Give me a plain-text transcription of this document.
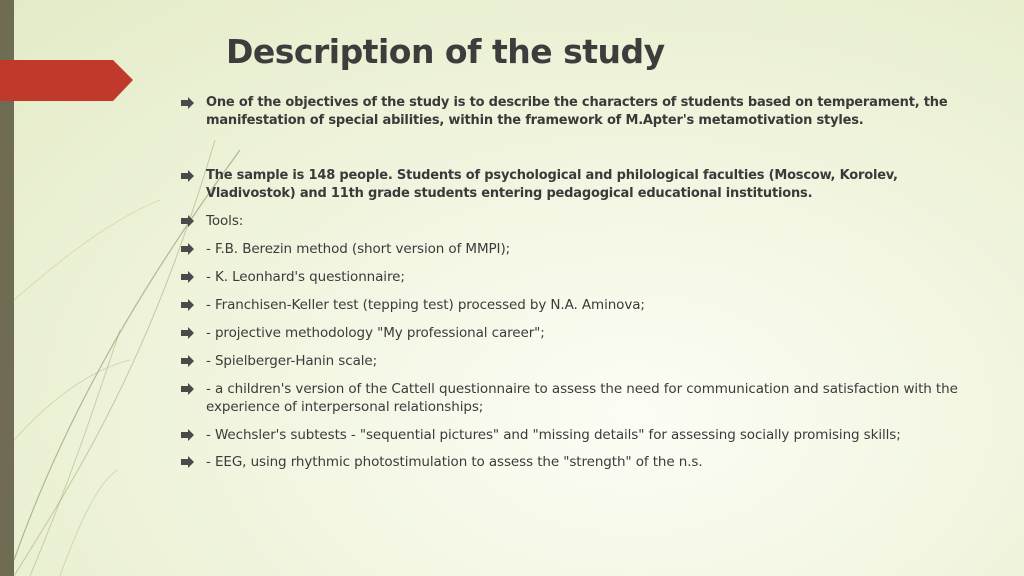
Description of the study
One of the objectives of the study is to describe the characters of students based on temperament, the manifestation of special abilities, within the framework of M.Apter's metamotivation styles.
The sample is 148 people. Students of psychological and philological faculties (Moscow, Korolev, Vladivostok) and 11th grade students entering pedagogical educational institutions.
Tools:
- F.B. Berezin method (short version of MMPI);
- K. Leonhard's questionnaire;
- Franchisen-Keller test (tepping test) processed by N.A. Aminova;
- projective methodology "My professional career";
- Spielberger-Hanin scale;
- a children's version of the Cattell questionnaire to assess the need for communication and satisfaction with the experience of interpersonal relationships;
- Wechsler's subtests - "sequential pictures" and "missing details" for assessing socially promising skills;
- EEG, using rhythmic photostimulation to assess the "strength" of the n.s.
